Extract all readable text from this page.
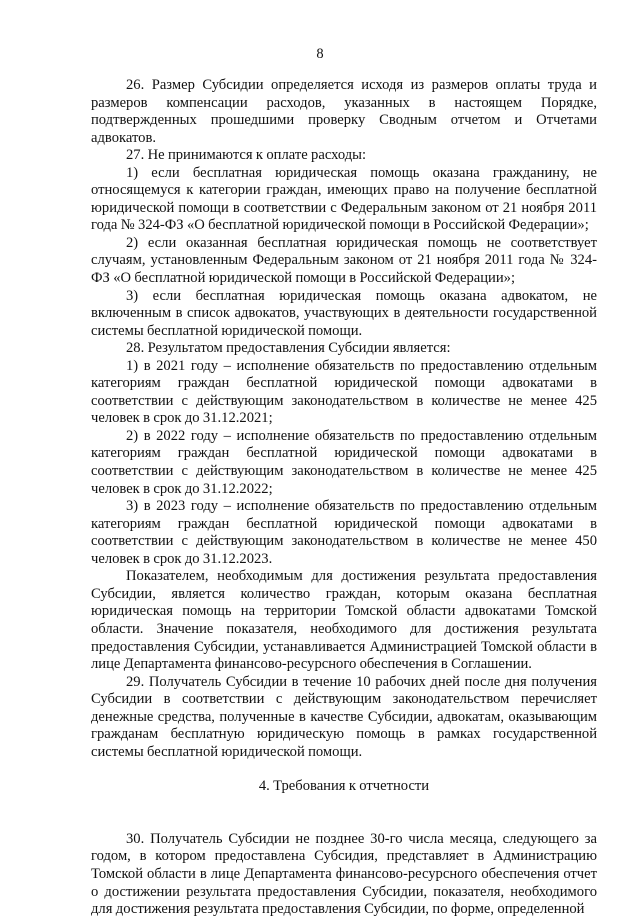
8

26. Размер Субсидии определяется исходя из размеров оплаты труда и размеров компенсации расходов, указанных в настоящем Порядке, подтвержденных прошедшими проверку Сводным отчетом и Отчетами адвокатов.

27. Не принимаются к оплате расходы:

1) если бесплатная юридическая помощь оказана гражданину, не относящемуся к категории граждан, имеющих право на получение бесплатной юридической помощи в соответствии с Федеральным законом от 21 ноября 2011 года № 324-ФЗ «О бесплатной юридической помощи в Российской Федерации»;

2) если оказанная бесплатная юридическая помощь не соответствует случаям, установленным Федеральным законом от 21 ноября 2011 года № 324-ФЗ «О бесплатной юридической помощи в Российской Федерации»;

3) если бесплатная юридическая помощь оказана адвокатом, не включенным в список адвокатов, участвующих в деятельности государственной системы бесплатной юридической помощи.

28. Результатом предоставления Субсидии является:

1) в 2021 году – исполнение обязательств по предоставлению отдельным категориям граждан бесплатной юридической помощи адвокатами в соответствии с действующим законодательством в количестве не менее 425 человек в срок до 31.12.2021;

2) в 2022 году – исполнение обязательств по предоставлению отдельным категориям граждан бесплатной юридической помощи адвокатами в соответствии с действующим законодательством в количестве не менее 425 человек в срок до 31.12.2022;

3) в 2023 году – исполнение обязательств по предоставлению отдельным категориям граждан бесплатной юридической помощи адвокатами в соответствии с действующим законодательством в количестве не менее 450 человек в срок до 31.12.2023.

Показателем, необходимым для достижения результата предоставления Субсидии, является количество граждан, которым оказана бесплатная юридическая помощь на территории Томской области адвокатами Томской области. Значение показателя, необходимого для достижения результата предоставления Субсидии, устанавливается Администрацией Томской области в лице Департамента финансово-ресурсного обеспечения в Соглашении.

29. Получатель Субсидии в течение 10 рабочих дней после дня получения Субсидии в соответствии с действующим законодательством перечисляет денежные средства, полученные в качестве Субсидии, адвокатам, оказывающим гражданам бесплатную юридическую помощь в рамках государственной системы бесплатной юридической помощи.

4. Требования к отчетности

30. Получатель Субсидии не позднее 30-го числа месяца, следующего за годом, в котором предоставлена Субсидия, представляет в Администрацию Томской области в лице Департамента финансово-ресурсного обеспечения отчет о достижении результата предоставления Субсидии, показателя, необходимого для достижения результата предоставления Субсидии, по форме, определенной
